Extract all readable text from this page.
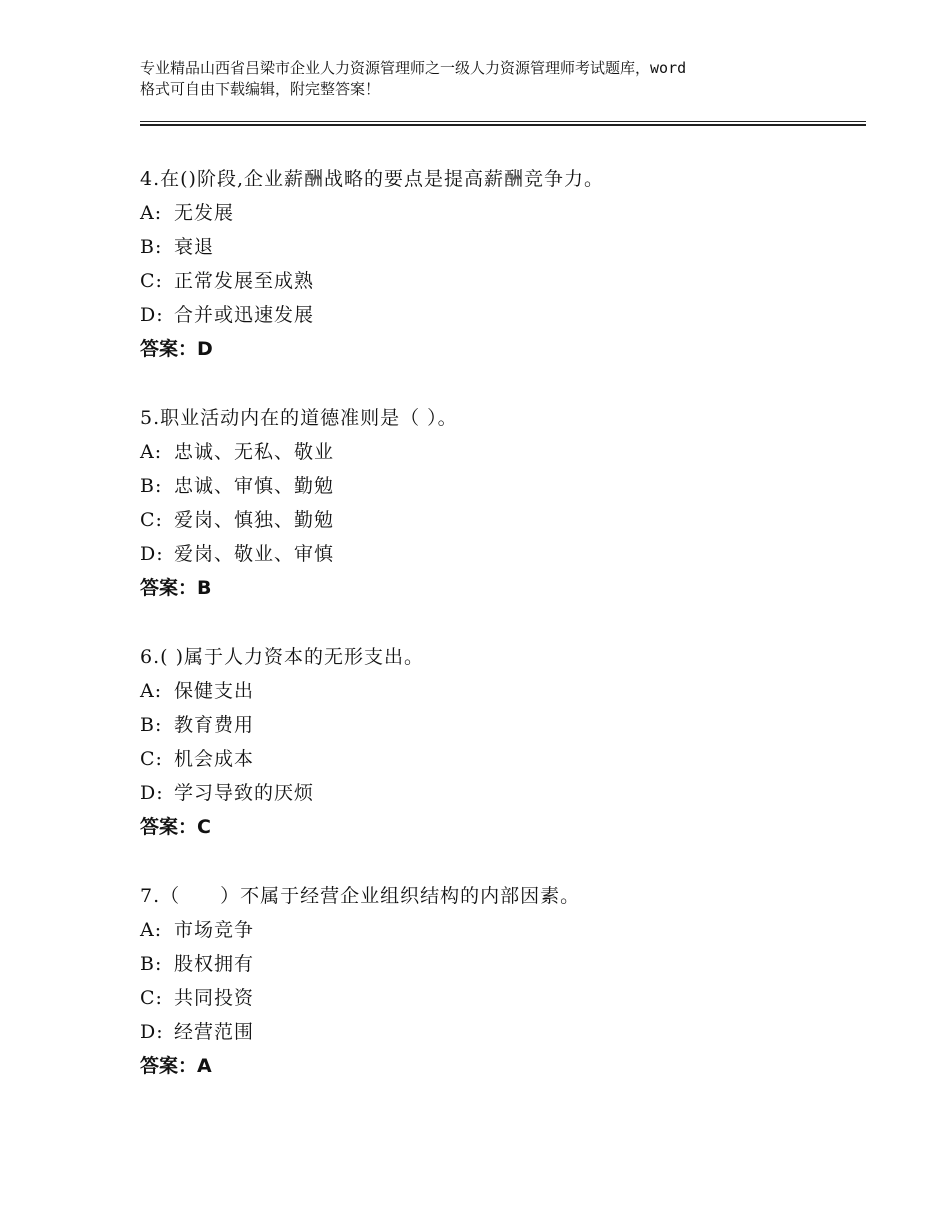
专业精品山西省吕梁市企业人力资源管理师之一级人力资源管理师考试题库，word
格式可自由下载编辑，附完整答案！
4.在()阶段,企业薪酬战略的要点是提高薪酬竞争力。
A: 无发展
B: 衰退
C: 正常发展至成熟
D: 合并或迅速发展
答案：D
5.职业活动内在的道德准则是（ ）。
A: 忠诚、无私、敬业
B: 忠诚、审慎、勤勉
C: 爱岗、慎独、勤勉
D: 爱岗、敬业、审慎
答案：B
6.( )属于人力资本的无形支出。
A: 保健支出
B: 教育费用
C: 机会成本
D: 学习导致的厌烦
答案：C
7.（　　）不属于经营企业组织结构的内部因素。
A: 市场竞争
B: 股权拥有
C: 共同投资
D: 经营范围
答案：A
